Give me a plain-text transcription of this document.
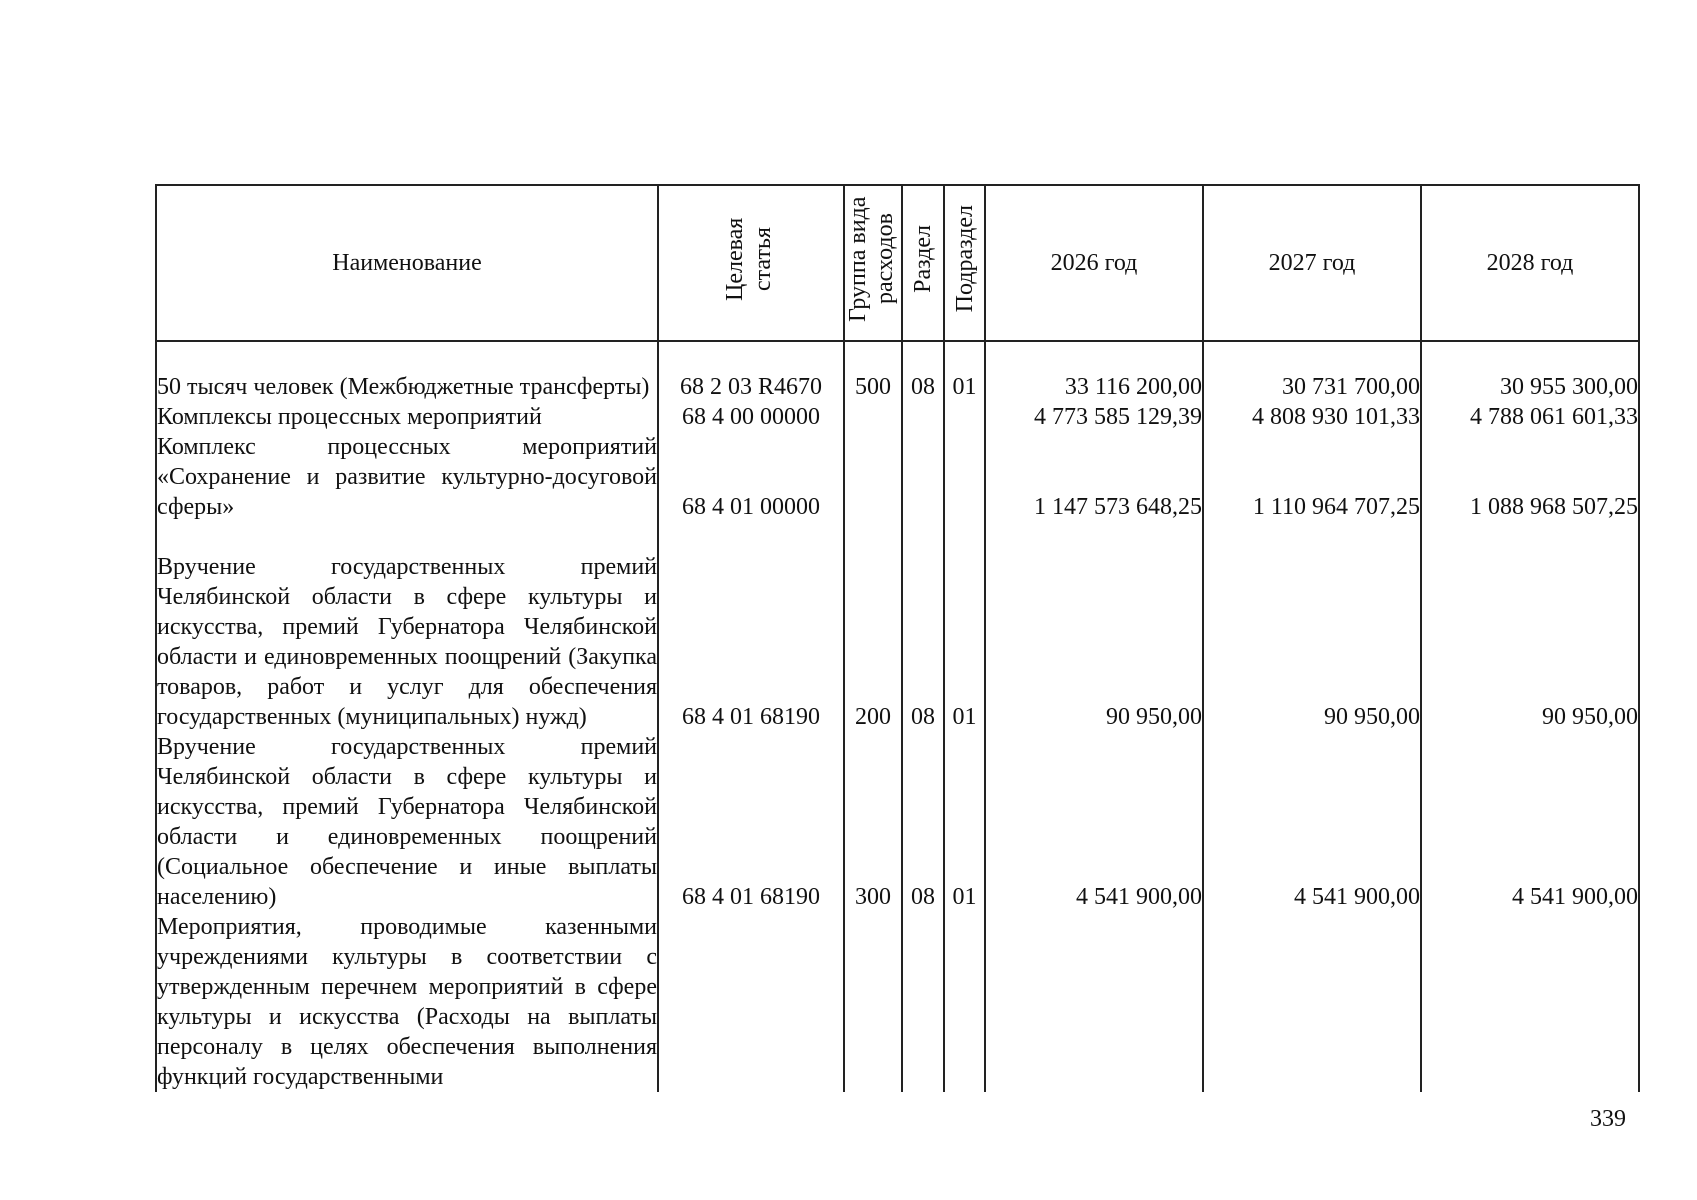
Наименование	Целевая статья	Группа вида расходов	Раздел	Подраздел	2026 год	2027 год	2028 год

50 тысяч человек (Межбюджетные трансферты)	68 2 03 R4670	500	08	01	33 116 200,00	30 731 700,00	30 955 300,00

Комплексы процессных мероприятий	68 4 00 00000				4 773 585 129,39	4 808 930 101,33	4 788 061 601,33

Комплекс процессных мероприятий «Сохранение и развитие культурно-досуговой сферы»	68 4 01 00000				1 147 573 648,25	1 110 964 707,25	1 088 968 507,25

Вручение государственных премий Челябинской области в сфере культуры и искусства, премий Губернатора Челябинской области и единовременных поощрений (Закупка товаров, работ и услуг для обеспечения государственных (муниципальных) нужд)	68 4 01 68190	200	08	01	90 950,00	90 950,00	90 950,00

Вручение государственных премий Челябинской области в сфере культуры и искусства, премий Губернатора Челябинской области и единовременных поощрений (Социальное обеспечение и иные выплаты населению)	68 4 01 68190	300	08	01	4 541 900,00	4 541 900,00	4 541 900,00

Мероприятия, проводимые казенными учреждениями культуры в соответствии с утвержденным перечнем мероприятий в сфере культуры и искусства (Расходы на выплаты персоналу в целях обеспечения выполнения функций государственными							

339
